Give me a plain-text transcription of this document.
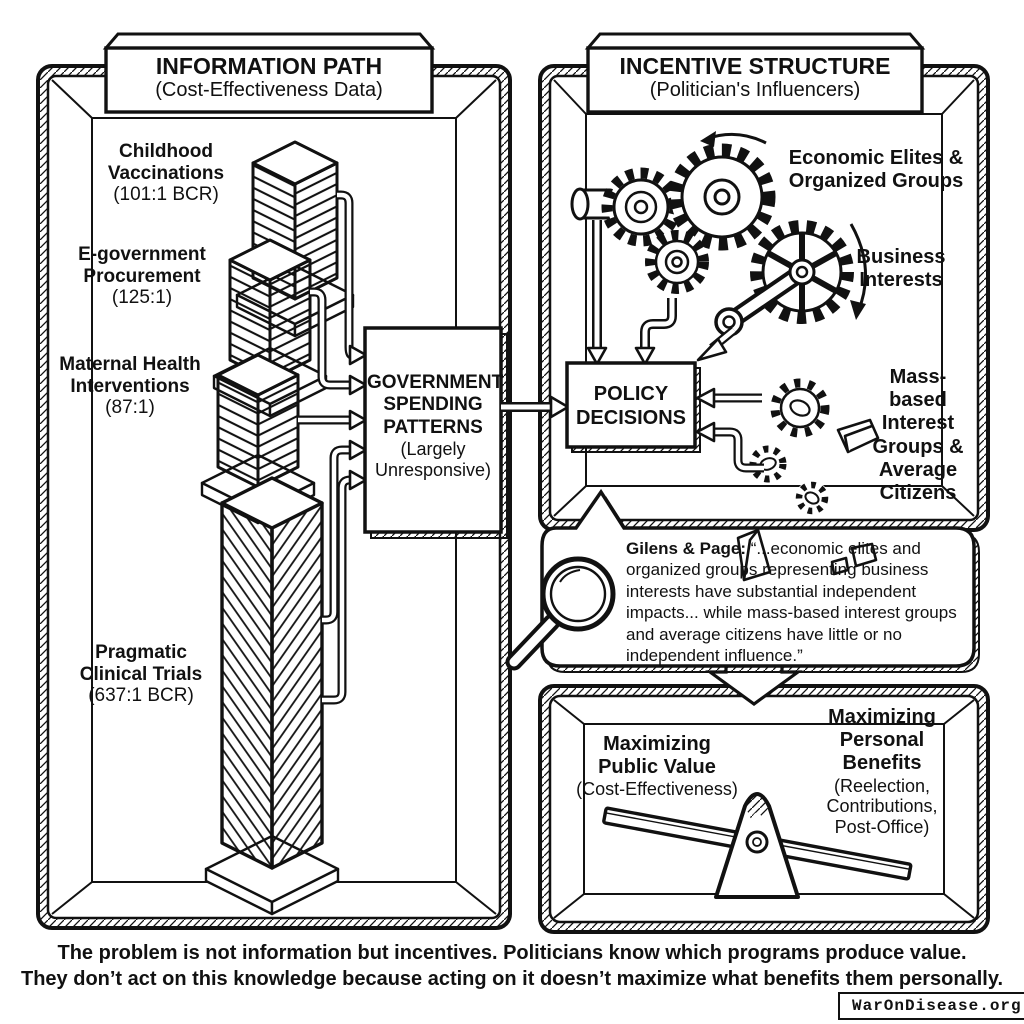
INFORMATION PATH
(Cost-Effectiveness Data)
INCENTIVE STRUCTURE
(Politician's Influencers)
Childhood
Vaccinations
(101:1 BCR)
E-government
Procurement
(125:1)
Maternal Health
Interventions
(87:1)
Pragmatic
Clinical Trials
(637:1 BCR)
GOVERNMENT
SPENDING
PATTERNS
(Largely
Unresponsive)
Economic Elites &
Organized Groups
Business
Interests
POLICY
DECISIONS
Mass-
based
Interest
Groups &
Average
Citizens

Gilens & Page: “...economic elites and organized groups representing business interests have substantial independent impacts... while mass-based interest groups and average citizens have little or no independent influence.”

Maximizing
Public Value
(Cost-Effectiveness)
Maximizing
Personal
Benefits
(Reelection,
Contributions,
Post-Office)
The problem is not information but incentives. Politicians know which programs produce value.
They don’t act on this knowledge because acting on it doesn’t maximize what benefits them personally.
WarOnDisease.org
